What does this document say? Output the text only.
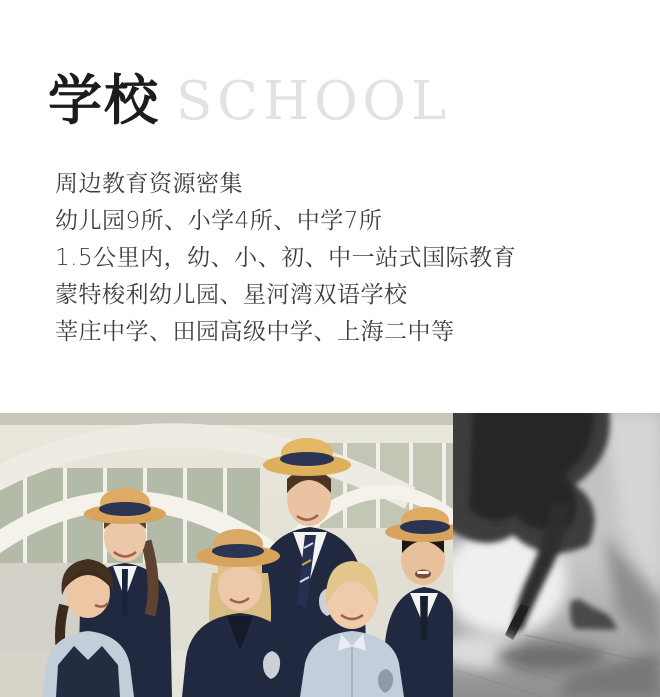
学校 SCHOOL

周边教育资源密集

幼儿园9所、小学4所、中学7所

1.5公里内，幼、小、初、中一站式国际教育

蒙特梭利幼儿园、星河湾双语学校

莘庄中学、田园高级中学、上海二中等
